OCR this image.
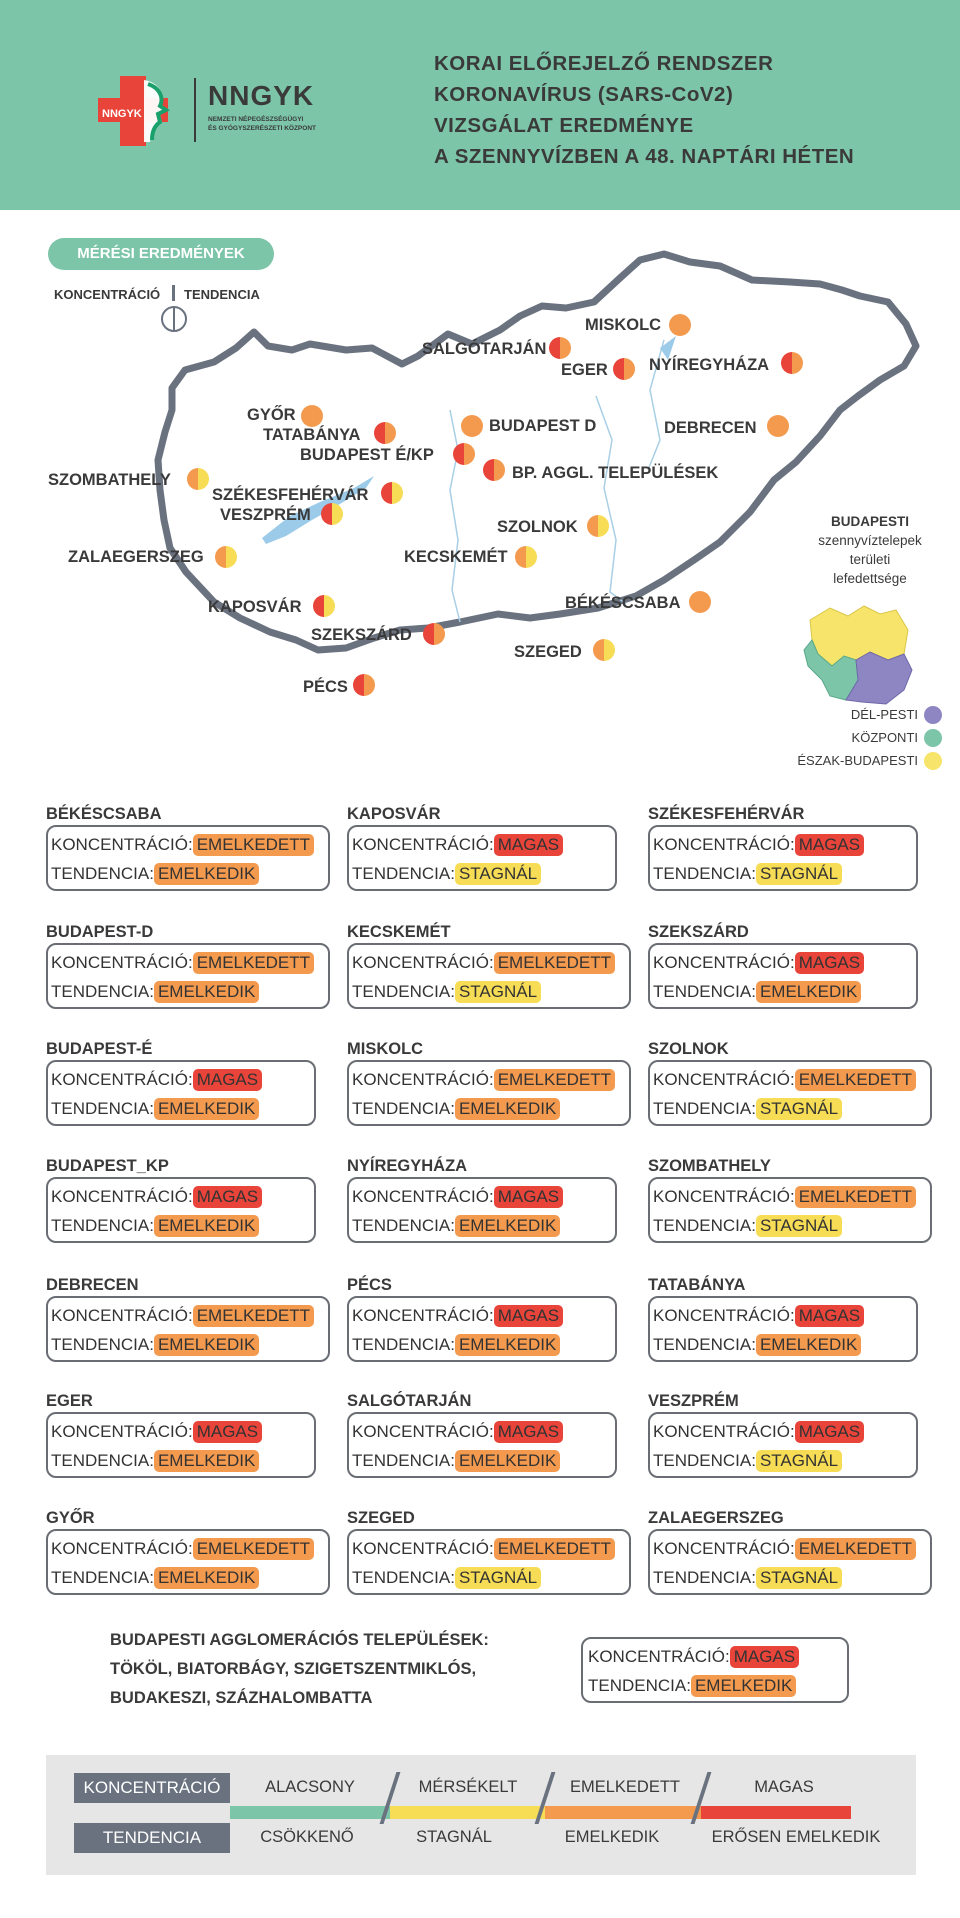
NNGYK
NNGYK
NEMZETI NÉPEGÉSZSÉGÜGYI
ÉS GYÓGYSZERÉSZETI KÖZPONT
KORAI ELŐREJELZŐ RENDSZER
KORONAVÍRUS (SARS-CoV2)
VIZSGÁLAT EREDMÉNYE
A SZENNYVÍZBEN A 48. NAPTÁRI HÉTEN
MÉRÉSI EREDMÉNYEK
KONCENTRÁCIÓ TENDENCIA
MISKOLC
SALGÓTARJÁN
EGER NYÍREGYHÁZA
GYŐR
TATABÁNYA	BUDAPEST D	DEBRECEN
BUDAPEST É/KP
BP. AGGL. TELEPÜLÉSEK
SZOMBATHELY
SZÉKESFEHÉRVÁR
VESZPRÉM
SZOLNOK
ZALAEGERSZEG	KECSKEMÉT
BÉKÉSCSABA
KAPOSVÁR
SZEKSZÁRD
SZEGED
PÉCS
BUDAPESTI
szennyvíztelepek
területi
lefedettsége
DÉL-PESTI
KÖZPONTI
ÉSZAK-BUDAPESTI
BÉKÉSCSABA
KONCENTRÁCIÓ: EMELKEDETT
TENDENCIA: EMELKEDIK
KAPOSVÁR
KONCENTRÁCIÓ: MAGAS
TENDENCIA: STAGNÁL
SZÉKESFEHÉRVÁR
KONCENTRÁCIÓ: MAGAS
TENDENCIA: STAGNÁL
BUDAPEST-D
KONCENTRÁCIÓ: EMELKEDETT
TENDENCIA: EMELKEDIK
KECSKEMÉT
KONCENTRÁCIÓ: EMELKEDETT
TENDENCIA: STAGNÁL
SZEKSZÁRD
KONCENTRÁCIÓ: MAGAS
TENDENCIA: EMELKEDIK
BUDAPEST-É
KONCENTRÁCIÓ: MAGAS
TENDENCIA: EMELKEDIK
MISKOLC
KONCENTRÁCIÓ: EMELKEDETT
TENDENCIA: EMELKEDIK
SZOLNOK
KONCENTRÁCIÓ: EMELKEDETT
TENDENCIA: STAGNÁL
BUDAPEST_KP
KONCENTRÁCIÓ: MAGAS
TENDENCIA: EMELKEDIK
NYÍREGYHÁZA
KONCENTRÁCIÓ: MAGAS
TENDENCIA: EMELKEDIK
SZOMBATHELY
KONCENTRÁCIÓ: EMELKEDETT
TENDENCIA: STAGNÁL
DEBRECEN
KONCENTRÁCIÓ: EMELKEDETT
TENDENCIA: EMELKEDIK
PÉCS
KONCENTRÁCIÓ: MAGAS
TENDENCIA: EMELKEDIK
TATABÁNYA
KONCENTRÁCIÓ: MAGAS
TENDENCIA: EMELKEDIK
EGER
KONCENTRÁCIÓ: MAGAS
TENDENCIA: EMELKEDIK
SALGÓTARJÁN
KONCENTRÁCIÓ: MAGAS
TENDENCIA: EMELKEDIK
VESZPRÉM
KONCENTRÁCIÓ: MAGAS
TENDENCIA: STAGNÁL
GYŐR
KONCENTRÁCIÓ: EMELKEDETT
TENDENCIA: EMELKEDIK
SZEGED
KONCENTRÁCIÓ: EMELKEDETT
TENDENCIA: STAGNÁL
ZALAEGERSZEG
KONCENTRÁCIÓ: EMELKEDETT
TENDENCIA: STAGNÁL
BUDAPESTI AGGLOMERÁCIÓS TELEPÜLÉSEK:
TÖKÖL, BIATORBÁGY, SZIGETSZENTMIKLÓS,
BUDAKESZI, SZÁZHALOMBATTA
KONCENTRÁCIÓ: MAGAS
TENDENCIA: EMELKEDIK
KONCENTRÁCIÓ
TENDENCIA
ALACSONY	MÉRSÉKELT	EMELKEDETT	MAGAS
CSÖKKENŐ	STAGNÁL	EMELKEDIK	ERŐSEN EMELKEDIK
